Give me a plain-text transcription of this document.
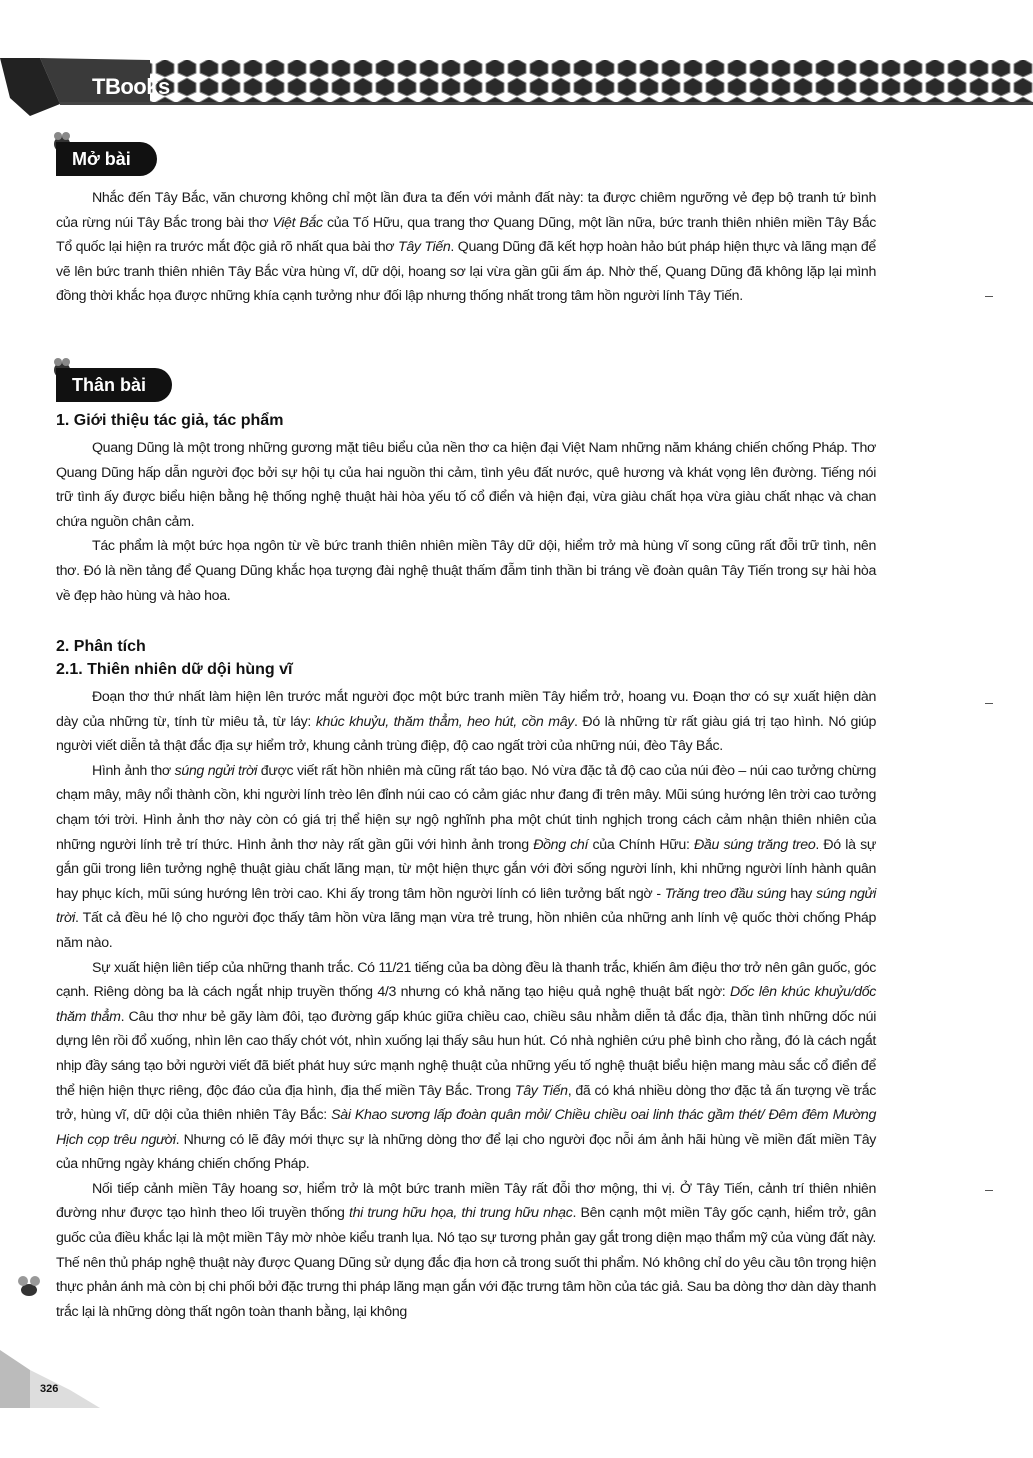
TBooks
Mở bài

Nhắc đến Tây Bắc, văn chương không chỉ một lần đưa ta đến với mảnh đất này: ta được chiêm ngưỡng vẻ đẹp bộ tranh tứ bình của rừng núi Tây Bắc trong bài thơ Việt Bắc của Tố Hữu, qua trang thơ Quang Dũng, một lần nữa, bức tranh thiên nhiên miền Tây Bắc Tổ quốc lại hiện ra trước mắt độc giả rõ nhất qua bài thơ Tây Tiến. Quang Dũng đã kết hợp hoàn hảo bút pháp hiện thực và lãng mạn để vẽ lên bức tranh thiên nhiên Tây Bắc vừa hùng vĩ, dữ dội, hoang sơ lại vừa gần gũi ấm áp. Nhờ thế, Quang Dũng đã không lặp lại mình đồng thời khắc họa được những khía cạnh tưởng như đối lập nhưng thống nhất trong tâm hồn người lính Tây Tiến.

Thân bài
1. Giới thiệu tác giả, tác phẩm

Quang Dũng là một trong những gương mặt tiêu biểu của nền thơ ca hiện đại Việt Nam những năm kháng chiến chống Pháp. Thơ Quang Dũng hấp dẫn người đọc bởi sự hội tụ của hai nguồn thi cảm, tình yêu đất nước, quê hương và khát vọng lên đường. Tiếng nói trữ tình ấy được biểu hiện bằng hệ thống nghệ thuật hài hòa yếu tố cổ điển và hiện đại, vừa giàu chất họa vừa giàu chất nhạc và chan chứa nguồn chân cảm.

Tác phẩm là một bức họa ngôn từ về bức tranh thiên nhiên miền Tây dữ dội, hiểm trở mà hùng vĩ song cũng rất đỗi trữ tình, nên thơ. Đó là nền tảng để Quang Dũng khắc họa tượng đài nghệ thuật thấm đẫm tinh thần bi tráng về đoàn quân Tây Tiến trong sự hài hòa về đẹp hào hùng và hào hoa.

2. Phân tích
2.1. Thiên nhiên dữ dội hùng vĩ

Đoạn thơ thứ nhất làm hiện lên trước mắt người đọc một bức tranh miền Tây hiểm trở, hoang vu. Đoạn thơ có sự xuất hiện dàn dày của những từ, tính từ miêu tả, từ láy: khúc khuỷu, thăm thẳm, heo hút, cồn mây. Đó là những từ rất giàu giá trị tạo hình. Nó giúp người viết diễn tả thật đắc địa sự hiểm trở, khung cảnh trùng điệp, độ cao ngất trời của những núi, đèo Tây Bắc.

Hình ảnh thơ súng ngửi trời được viết rất hồn nhiên mà cũng rất táo bạo. Nó vừa đặc tả độ cao của núi đèo – núi cao tưởng chừng chạm mây, mây nổi thành cồn, khi người lính trèo lên đỉnh núi cao có cảm giác như đang đi trên mây. Mũi súng hướng lên trời cao tưởng chạm tới trời. Hình ảnh thơ này còn có giá trị thể hiện sự ngộ nghĩnh pha một chút tinh nghịch trong cách cảm nhận thiên nhiên của những người lính trẻ trí thức. Hình ảnh thơ này rất gần gũi với hình ảnh trong Đồng chí của Chính Hữu: Đầu súng trăng treo. Đó là sự gắn gũi trong liên tưởng nghệ thuật giàu chất lãng mạn, từ một hiện thực gắn với đời sống người lính, khi những người lính hành quân hay phục kích, mũi súng hướng lên trời cao. Khi ấy trong tâm hồn người lính có liên tưởng bất ngờ - Trăng treo đầu súng hay súng ngửi trời. Tất cả đều hé lộ cho người đọc thấy tâm hồn vừa lãng mạn vừa trẻ trung, hồn nhiên của những anh lính vệ quốc thời chống Pháp năm nào.

Sự xuất hiện liên tiếp của những thanh trắc. Có 11/21 tiếng của ba dòng đều là thanh trắc, khiến âm điệu thơ trở nên gân guốc, góc cạnh. Riêng dòng ba là cách ngắt nhịp truyền thống 4/3 nhưng có khả năng tạo hiệu quả nghệ thuật bất ngờ: Dốc lên khúc khuỷu/dốc thăm thẳm. Câu thơ như bẻ gãy làm đôi, tạo đường gấp khúc giữa chiều cao, chiều sâu nhằm diễn tả đắc địa, thần tình những dốc núi dựng lên rồi đổ xuống, nhìn lên cao thấy chót vót, nhìn xuống lại thấy sâu hun hút. Có nhà nghiên cứu phê bình cho rằng, đó là cách ngắt nhịp đầy sáng tạo bởi người viết đã biết phát huy sức mạnh nghệ thuật của những yếu tố nghệ thuật biểu hiện mang màu sắc cổ điển để thể hiện hiện thực riêng, độc đáo của địa hình, địa thế miền Tây Bắc. Trong Tây Tiến, đã có khá nhiều dòng thơ đặc tả ấn tượng về trắc trở, hùng vĩ, dữ dội của thiên nhiên Tây Bắc: Sài Khao sương lấp đoàn quân mỏi/ Chiều chiều oai linh thác gầm thét/ Đêm đêm Mường Hịch cọp trêu người. Nhưng có lẽ đây mới thực sự là những dòng thơ để lại cho người đọc nỗi ám ảnh hãi hùng về miền đất miền Tây của những ngày kháng chiến chống Pháp.

Nối tiếp cảnh miền Tây hoang sơ, hiểm trở là một bức tranh miền Tây rất đỗi thơ mộng, thi vị. Ở Tây Tiến, cảnh trí thiên nhiên đường như được tạo hình theo lối truyền thống thi trung hữu họa, thi trung hữu nhạc. Bên cạnh một miền Tây gốc cạnh, hiểm trở, gân guốc của điều khắc lại là một miền Tây mờ nhòe kiểu tranh lụa. Nó tạo sự tương phản gay gắt trong diện mạo thẩm mỹ của vùng đất này. Thế nên thủ pháp nghệ thuật này được Quang Dũng sử dụng đắc địa hơn cả trong suốt thi phẩm. Nó không chỉ do yêu cầu tôn trọng hiện thực phản ánh mà còn bị chi phối bởi đặc trưng thi pháp lãng mạn gắn với đặc trưng tâm hồn của tác giả. Sau ba dòng thơ dàn dày thanh trắc lại là những dòng thất ngôn toàn thanh bằng, lại không

326
